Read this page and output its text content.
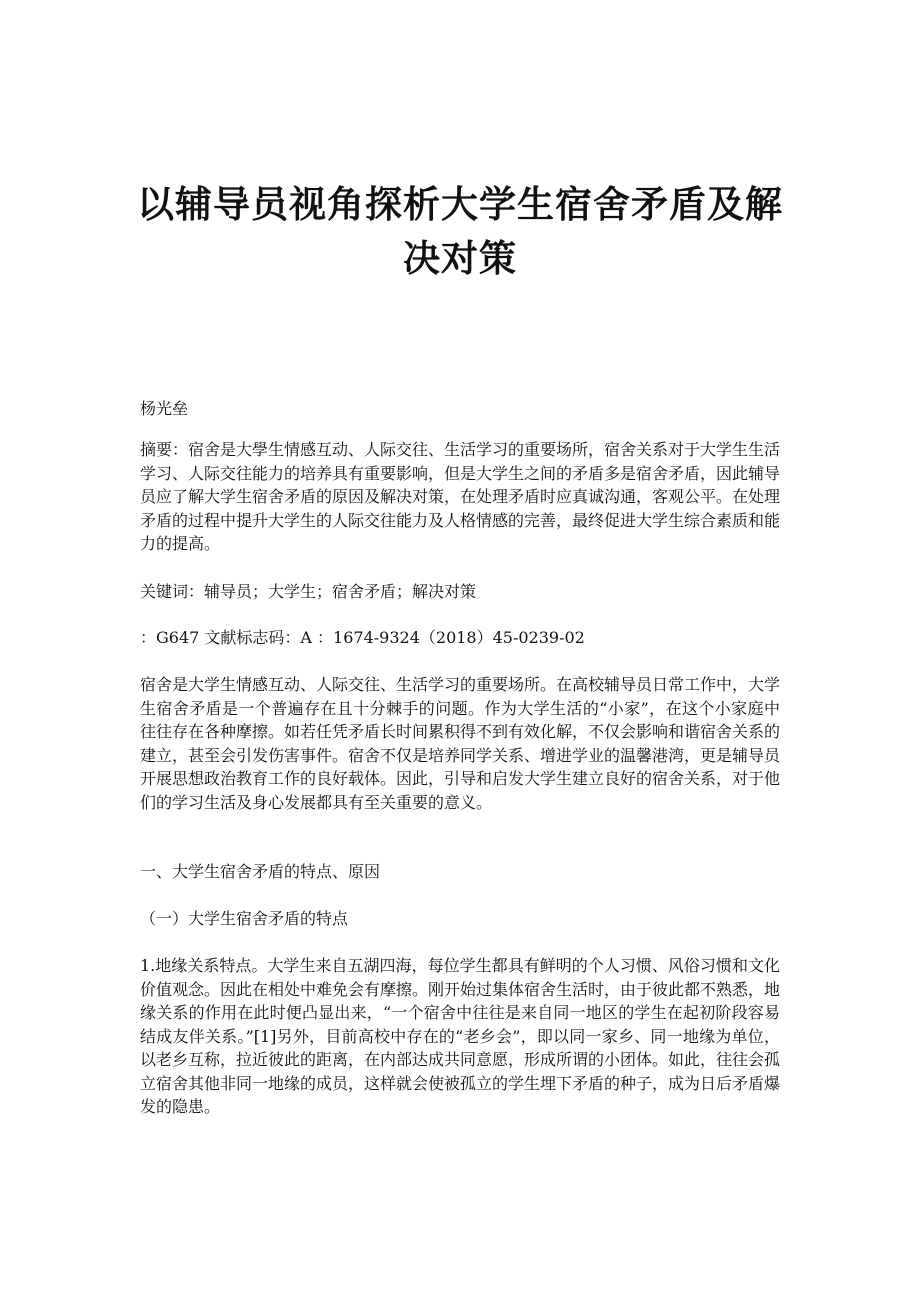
以辅导员视角探析大学生宿舍矛盾及解决对策

杨光垒

摘要：宿舍是大學生情感互动、人际交往、生活学习的重要场所，宿舍关系对于大学生生活学习、人际交往能力的培养具有重要影响，但是大学生之间的矛盾多是宿舍矛盾，因此辅导员应了解大学生宿舍矛盾的原因及解决对策，在处理矛盾时应真诚沟通，客观公平。在处理矛盾的过程中提升大学生的人际交往能力及人格情感的完善，最终促进大学生综合素质和能力的提高。

关键词：辅导员；大学生；宿舍矛盾；解决对策

：G647 文献标志码：A ：1674-9324（2018）45-0239-02

宿舍是大学生情感互动、人际交往、生活学习的重要场所。在高校辅导员日常工作中，大学生宿舍矛盾是一个普遍存在且十分棘手的问题。作为大学生活的“小家”，在这个小家庭中往往存在各种摩擦。如若任凭矛盾长时间累积得不到有效化解，不仅会影响和谐宿舍关系的建立，甚至会引发伤害事件。宿舍不仅是培养同学关系、增进学业的温馨港湾，更是辅导员开展思想政治教育工作的良好载体。因此，引导和启发大学生建立良好的宿舍关系，对于他们的学习生活及身心发展都具有至关重要的意义。

一、大学生宿舍矛盾的特点、原因

（一）大学生宿舍矛盾的特点

1.地缘关系特点。大学生来自五湖四海，每位学生都具有鲜明的个人习惯、风俗习惯和文化价值观念。因此在相处中难免会有摩擦。刚开始过集体宿舍生活时，由于彼此都不熟悉，地缘关系的作用在此时便凸显出来，“一个宿舍中往往是来自同一地区的学生在起初阶段容易结成友伴关系。”[1]另外，目前高校中存在的“老乡会”，即以同一家乡、同一地缘为单位，以老乡互称，拉近彼此的距离，在内部达成共同意愿，形成所谓的小团体。如此，往往会孤立宿舍其他非同一地缘的成员，这样就会使被孤立的学生埋下矛盾的种子，成为日后矛盾爆发的隐患。
